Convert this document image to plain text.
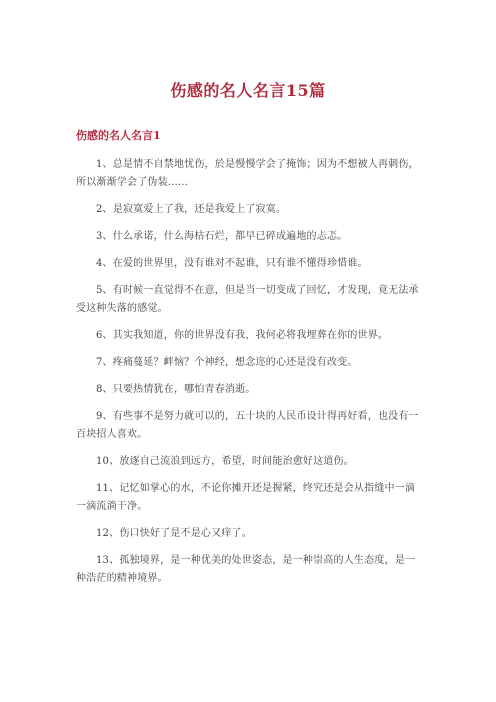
伤感的名人名言15篇
伤感的名人名言1

1、总是情不自禁地忧伤，於是慢慢学会了掩饰；因为不想被人再刺伤，所以渐渐学会了伪装......

2、是寂寞爱上了我，还是我爱上了寂寞。

3、什么承诺，什么海枯石烂，都早已碎成遍地的忐忑。

4、在爱的世界里，没有谁对不起谁，只有谁不懂得珍惜谁。

5、有时候一直觉得不在意，但是当一切变成了回忆，才发现，竟无法承受这种失落的感觉。

6、其实我知道，你的世界没有我，我何必将我埋葬在你的世界。

7、疼痛蔓延？衅恼？个神经，想念迩的心还是没有改变。

8、只要热情犹在，哪怕青春消逝。

9、有些事不是努力就可以的，五十块的人民币设计得再好看，也没有一百块招人喜欢。

10、放逐自己流浪到远方，希望，时间能治愈好这道伤。

11、记忆如掌心的水，不论你摊开还是握紧，终究还是会从指缝中一滴一滴流淌干净。

12、伤口快好了是不是心又痒了。

13、孤独境界，是一种优美的处世姿态，是一种崇高的人生态度，是一种浩茫的精神境界。
